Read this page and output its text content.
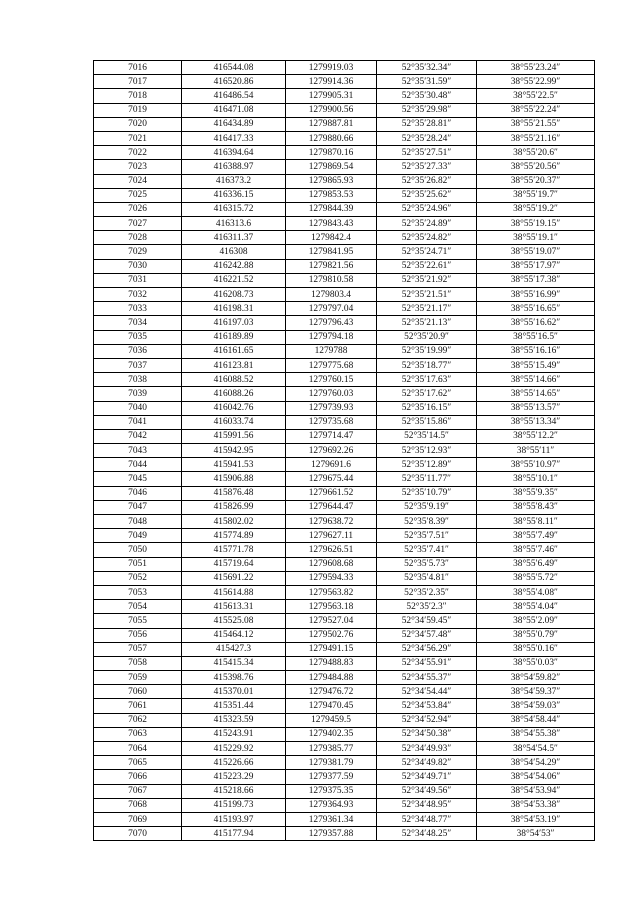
7016	416544.08	1279919.03	52°35′32.34″	38°55′23.24″
7017	416520.86	1279914.36	52°35′31.59″	38°55′22.99″
7018	416486.54	1279905.31	52°35′30.48″	38°55′22.5″
7019	416471.08	1279900.56	52°35′29.98″	38°55′22.24″
7020	416434.89	1279887.81	52°35′28.81″	38°55′21.55″
7021	416417.33	1279880.66	52°35′28.24″	38°55′21.16″
7022	416394.64	1279870.16	52°35′27.51″	38°55′20.6″
7023	416388.97	1279869.54	52°35′27.33″	38°55′20.56″
7024	416373.2	1279865.93	52°35′26.82″	38°55′20.37″
7025	416336.15	1279853.53	52°35′25.62″	38°55′19.7″
7026	416315.72	1279844.39	52°35′24.96″	38°55′19.2″
7027	416313.6	1279843.43	52°35′24.89″	38°55′19.15″
7028	416311.37	1279842.4	52°35′24.82″	38°55′19.1″
7029	416308	1279841.95	52°35′24.71″	38°55′19.07″
7030	416242.88	1279821.56	52°35′22.61″	38°55′17.97″
7031	416221.52	1279810.58	52°35′21.92″	38°55′17.38″
7032	416208.73	1279803.4	52°35′21.51″	38°55′16.99″
7033	416198.31	1279797.04	52°35′21.17″	38°55′16.65″
7034	416197.03	1279796.43	52°35′21.13″	38°55′16.62″
7035	416189.89	1279794.18	52°35′20.9″	38°55′16.5″
7036	416161.65	1279788	52°35′19.99″	38°55′16.16″
7037	416123.81	1279775.68	52°35′18.77″	38°55′15.49″
7038	416088.52	1279760.15	52°35′17.63″	38°55′14.66″
7039	416088.26	1279760.03	52°35′17.62″	38°55′14.65″
7040	416042.76	1279739.93	52°35′16.15″	38°55′13.57″
7041	416033.74	1279735.68	52°35′15.86″	38°55′13.34″
7042	415991.56	1279714.47	52°35′14.5″	38°55′12.2″
7043	415942.95	1279692.26	52°35′12.93″	38°55′11″
7044	415941.53	1279691.6	52°35′12.89″	38°55′10.97″
7045	415906.88	1279675.44	52°35′11.77″	38°55′10.1″
7046	415876.48	1279661.52	52°35′10.79″	38°55′9.35″
7047	415826.99	1279644.47	52°35′9.19″	38°55′8.43″
7048	415802.02	1279638.72	52°35′8.39″	38°55′8.11″
7049	415774.89	1279627.11	52°35′7.51″	38°55′7.49″
7050	415771.78	1279626.51	52°35′7.41″	38°55′7.46″
7051	415719.64	1279608.68	52°35′5.73″	38°55′6.49″
7052	415691.22	1279594.33	52°35′4.81″	38°55′5.72″
7053	415614.88	1279563.82	52°35′2.35″	38°55′4.08″
7054	415613.31	1279563.18	52°35′2.3″	38°55′4.04″
7055	415525.08	1279527.04	52°34′59.45″	38°55′2.09″
7056	415464.12	1279502.76	52°34′57.48″	38°55′0.79″
7057	415427.3	1279491.15	52°34′56.29″	38°55′0.16″
7058	415415.34	1279488.83	52°34′55.91″	38°55′0.03″
7059	415398.76	1279484.88	52°34′55.37″	38°54′59.82″
7060	415370.01	1279476.72	52°34′54.44″	38°54′59.37″
7061	415351.44	1279470.45	52°34′53.84″	38°54′59.03″
7062	415323.59	1279459.5	52°34′52.94″	38°54′58.44″
7063	415243.91	1279402.35	52°34′50.38″	38°54′55.38″
7064	415229.92	1279385.77	52°34′49.93″	38°54′54.5″
7065	415226.66	1279381.79	52°34′49.82″	38°54′54.29″
7066	415223.29	1279377.59	52°34′49.71″	38°54′54.06″
7067	415218.66	1279375.35	52°34′49.56″	38°54′53.94″
7068	415199.73	1279364.93	52°34′48.95″	38°54′53.38″
7069	415193.97	1279361.34	52°34′48.77″	38°54′53.19″
7070	415177.94	1279357.88	52°34′48.25″	38°54′53″
